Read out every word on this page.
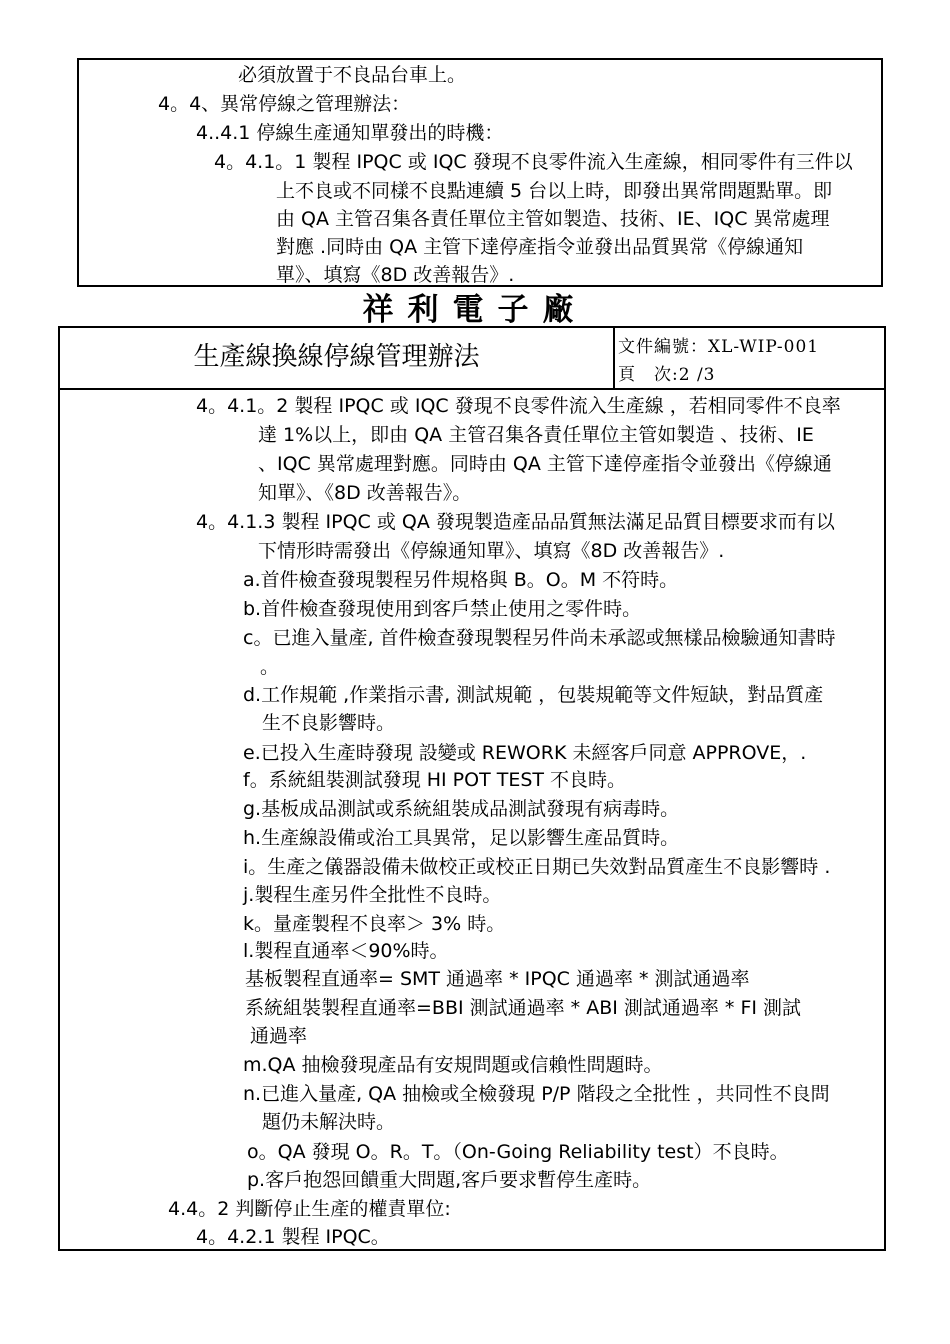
必須放置于不良品台車上。
4。4、異常停線之管理辦法：
4..4.1 停線生產通知單發出的時機：
4。4.1。1 製程 IPQC 或 IQC 發現不良零件流入生產線，相同零件有三件以
上不良或不同樣不良點連續 5 台以上時，即發出異常問題點單。即
由 QA 主管召集各責任單位主管如製造、技術、IE、IQC 異常處理
對應 .同時由 QA 主管下達停產指令並發出品質異常《停線通知
單》、填寫《8D 改善報告》.
祥利電子廠
生產線換線停線管理辦法	文件編號：XL-WIP-001
頁　次:2 /3
4。4.1。2 製程 IPQC 或 IQC 發現不良零件流入生產線 ，若相同零件不良率
達 1%以上，即由 QA 主管召集各責任單位主管如製造 、技術、IE
、IQC 異常處理對應。同時由 QA 主管下達停產指令並發出《停線通
知單》、《8D 改善報告》。
4。4.1.3 製程 IPQC 或 QA 發現製造產品品質無法滿足品質目標要求而有以
下情形時需發出《停線通知單》、填寫《8D 改善報告》.
a.首件檢查發現製程另件規格與 B。O。M 不符時。
b.首件檢查發現使用到客戶禁止使用之零件時。
c。已進入量產, 首件檢查發現製程另件尚未承認或無樣品檢驗通知書時
。
d.工作規範 ,作業指示書, 測試規範 ，包裝規範等文件短缺，對品質產
生不良影響時。
e.已投入生產時發現 設變或 REWORK 未經客戶同意 APPROVE，.
f。系統組裝測試發現 HI POT TEST 不良時。
g.基板成品測試或系統組裝成品測試發現有病毒時。
h.生產線設備或治工具異常，足以影響生產品質時。
i。生產之儀器設備未做校正或校正日期已失效對品質產生不良影響時 .
j.製程生產另件全批性不良時。
k。量產製程不良率＞ 3% 時。
l.製程直通率＜90%時。
基板製程直通率= SMT 通過率 * IPQC 通過率 * 測試通過率
系統組裝製程直通率=BBI 測試通過率 * ABI 測試通過率 * FI 測試
通過率
m.QA 抽檢發現產品有安規問題或信賴性問題時。
n.已進入量產, QA 抽檢或全檢發現 P/P 階段之全批性 ，共同性不良問
題仍未解決時。
o。QA 發現 O。R。T。（On-Going Reliability test）不良時。
p.客戶抱怨回饋重大問題,客戶要求暫停生產時。
4.4。2 判斷停止生產的權責單位:
4。4.2.1 製程 IPQC。
